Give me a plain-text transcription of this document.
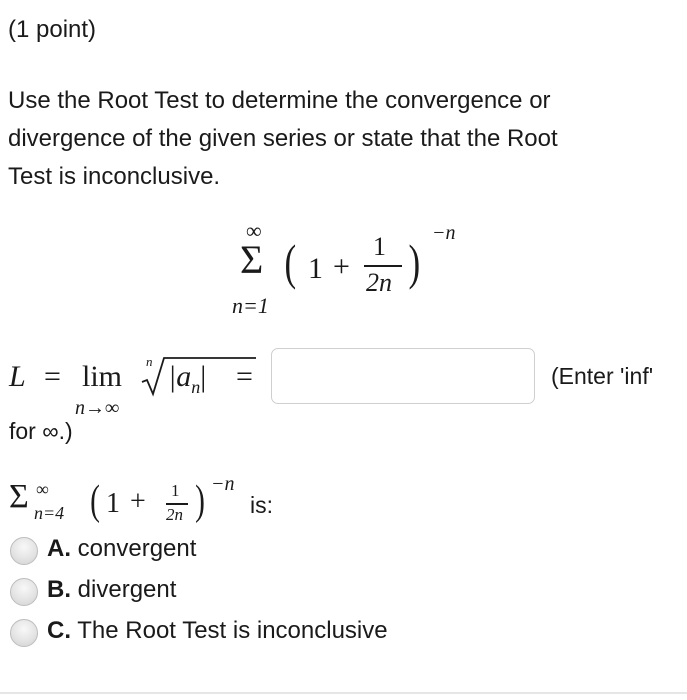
(1 point)
Use the Root Test to determine the convergence or
divergence of the given series or state that the Root
Test is inconclusive.
∞
Σ
n=1
( 1 +
1
2n )
−n
L = lim
n→∞
n $|a_n|$ =	(Enter 'inf'
for ∞.)
Σ ∞
n=4 ( 1 + 1
2n ) −n
is:
A. convergent
B. divergent
C. The Root Test is inconclusive
